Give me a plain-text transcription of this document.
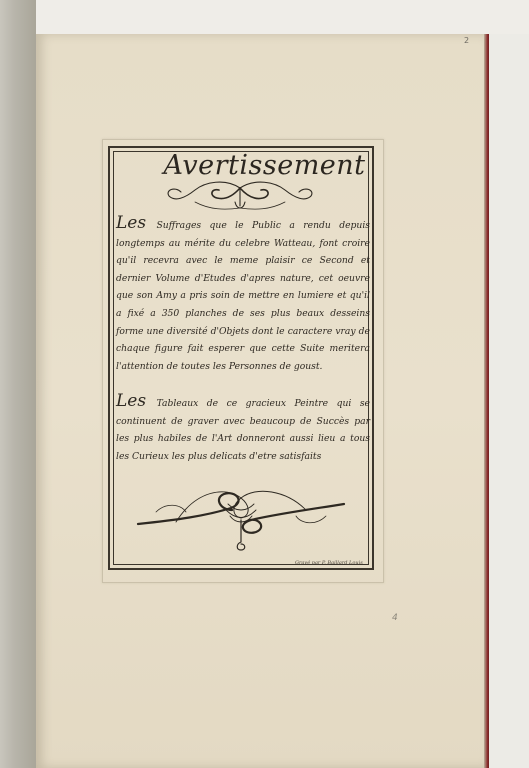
2
4
Avertissement
Les Suffrages que le Public a rendu depuis longtemps au mérite du celebre Watteau, font croire qu'il recevra avec le meme plaisir ce Second et dernier Volume d'Etudes d'apres nature, cet oeuvre que son Amy a pris soin de mettre en lumiere et qu'il a fixé a 350 planches de ses plus beaux desseins forme une diversité d'Objets dont le caractere vray de chaque figure fait esperer que cette Suite meritera l'attention de toutes les Personnes de goust.
Les Tableaux de ce gracieux Peintre qui se continuent de graver avec beaucoup de Succès par les plus habiles de l'Art donneront aussi lieu a tous les Curieux les plus delicats d'etre satisfaits
Gravé par P. Baillard Louis
